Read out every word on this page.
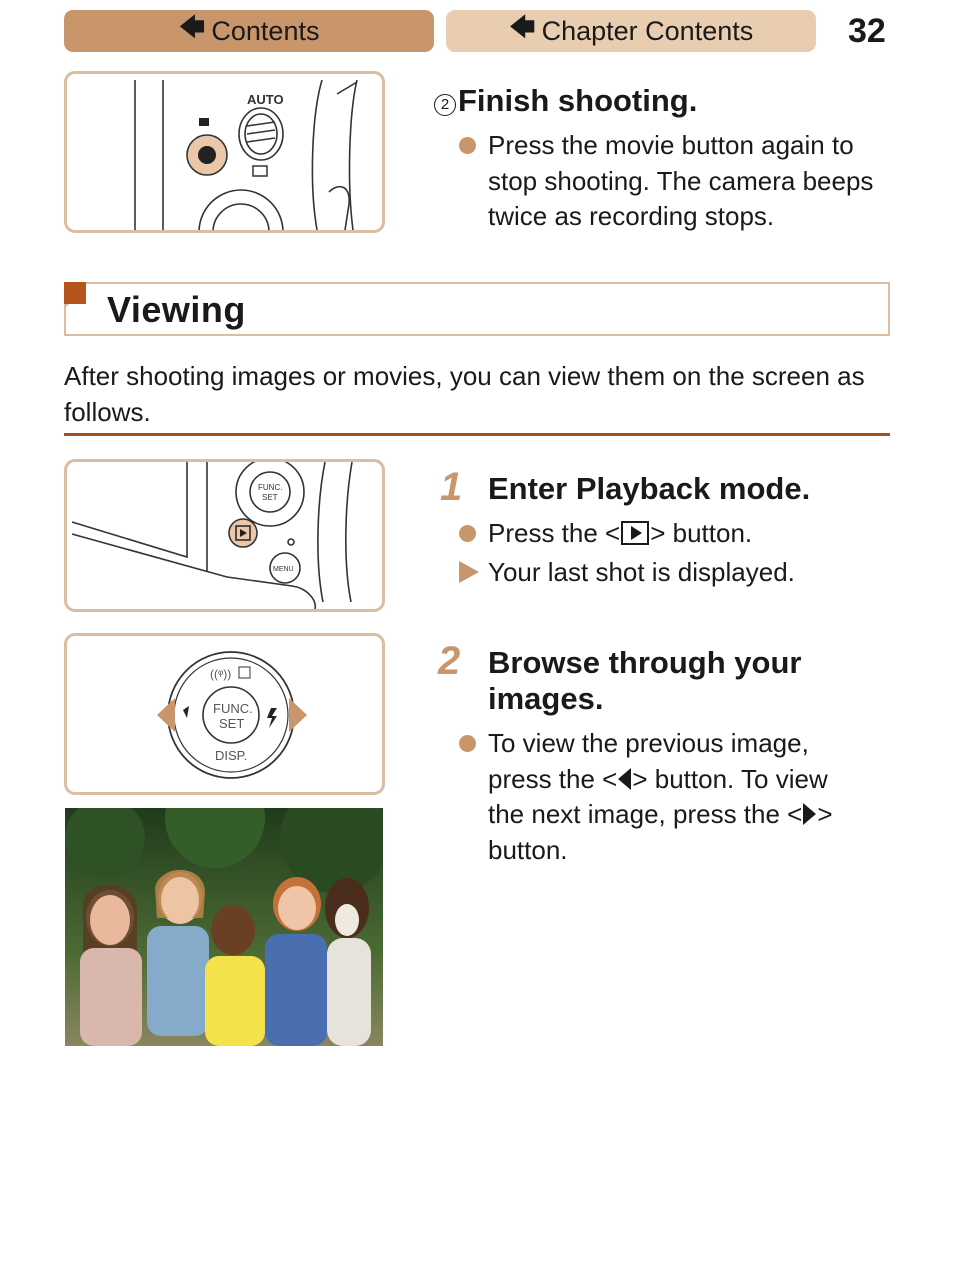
🡄 Contents	🡄 Chapter Contents	32
AUTO	2 Finish shooting.
Press the movie button again to stop shooting. The camera beeps twice as recording stops.
Viewing
After shooting images or movies, you can view them on the screen as follows.
FUNC.
SET
MENU
FUNC.
SET
DISP.
((ᵠ))
1 Enter Playback mode.
Press the < > button.
Your last shot is displayed.
2 Browse through your
images.
To view the previous image,
press the < > button. To view
the next image, press the < >
button.
